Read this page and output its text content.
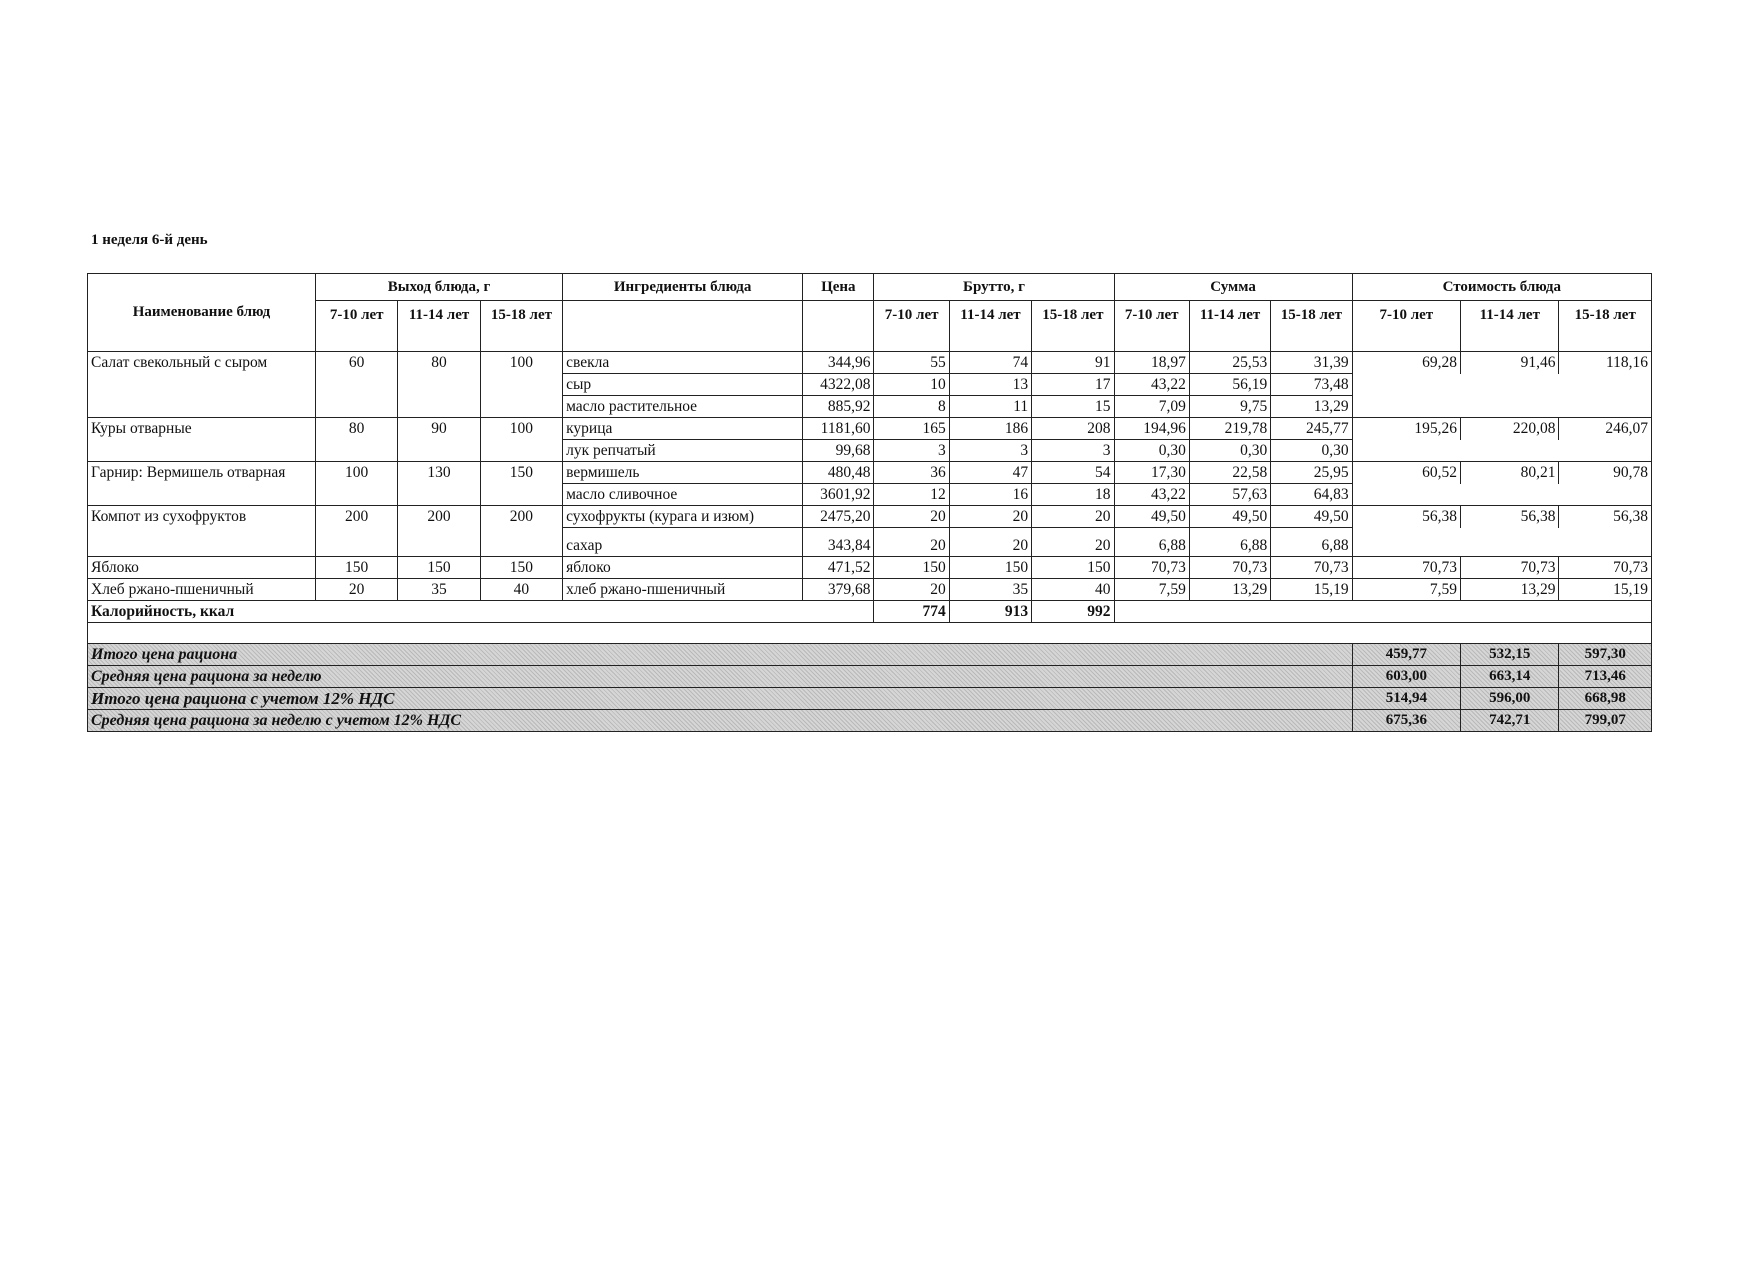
1 неделя 6-й день
Наименование блюд	Выход блюда, г			Ингредиенты блюда	Цена	Брутто, г			Сумма			Стоимость блюда		
	7-10 лет	11-14 лет	15-18 лет			7-10 лет	11-14 лет	15-18 лет	7-10 лет	11-14 лет	15-18 лет	7-10 лет	11-14 лет	15-18 лет
Салат свекольный с сыром	60	80	100	свекла	344,96	55	74	91	18,97	25,53	31,39	69,28	91,46	118,16
				сыр	4322,08	10	13	17	43,22	56,19	73,48			
				масло растительное	885,92	8	11	15	7,09	9,75	13,29			
Куры отварные	80	90	100	курица	1181,60	165	186	208	194,96	219,78	245,77	195,26	220,08	246,07
				лук репчатый	99,68	3	3	3	0,30	0,30	0,30			
Гарнир: Вермишель отварная	100	130	150	вермишель	480,48	36	47	54	17,30	22,58	25,95	60,52	80,21	90,78
				масло сливочное	3601,92	12	16	18	43,22	57,63	64,83			
Компот из сухофруктов	200	200	200	сухофрукты (курага и изюм)	2475,20	20	20	20	49,50	49,50	49,50	56,38	56,38	56,38
				сахар	343,84	20	20	20	6,88	6,88	6,88			
Яблоко	150	150	150	яблоко	471,52	150	150	150	70,73	70,73	70,73	70,73	70,73	70,73
Хлеб ржано-пшеничный	20	35	40	хлеб ржано-пшеничный	379,68	20	35	40	7,59	13,29	15,19	7,59	13,29	15,19
Калорийность, ккал						774	913	992						

Итого цена рациона												459,77	532,15	597,30
Средняя цена рациона за неделю												603,00	663,14	713,46
Итого цена рациона с учетом 12% НДС												514,94	596,00	668,98
Средняя цена рациона за неделю с учетом 12% НДС												675,36	742,71	799,07
